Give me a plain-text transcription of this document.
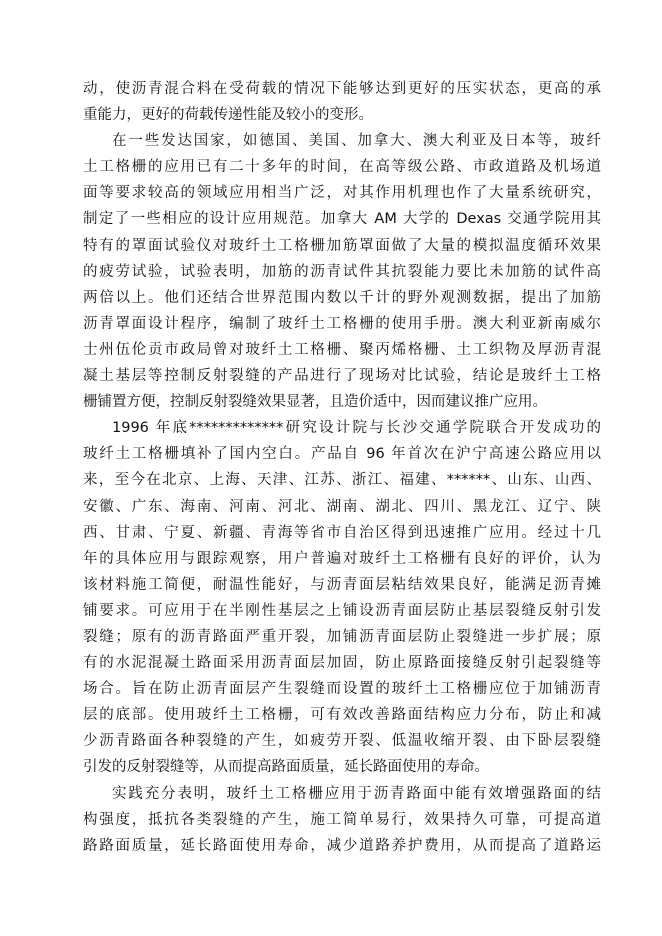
动，使沥青混合料在受荷载的情况下能够达到更好的压实状态，更高的承
重能力，更好的荷载传递性能及较小的变形。
在一些发达国家，如德国、美国、加拿大、澳大利亚及日本等，玻纤
土工格栅的应用已有二十多年的时间，在高等级公路、市政道路及机场道
面等要求较高的领域应用相当广泛，对其作用机理也作了大量系统研究，
制定了一些相应的设计应用规范。加拿大 AM 大学的 Dexas 交通学院用其
特有的罩面试验仪对玻纤土工格栅加筋罩面做了大量的模拟温度循环效果
的疲劳试验，试验表明，加筋的沥青试件其抗裂能力要比未加筋的试件高
两倍以上。他们还结合世界范围内数以千计的野外观测数据，提出了加筋
沥青罩面设计程序，编制了玻纤土工格栅的使用手册。澳大利亚新南威尔
士州伍伦贡市政局曾对玻纤土工格栅、聚丙烯格栅、土工织物及厚沥青混
凝土基层等控制反射裂缝的产品进行了现场对比试验，结论是玻纤土工格
栅铺置方便，控制反射裂缝效果显著，且造价适中，因而建议推广应用。
1996 年底*************研究设计院与长沙交通学院联合开发成功的
玻纤土工格栅填补了国内空白。产品自 96 年首次在沪宁高速公路应用以
来，至今在北京、上海、天津、江苏、浙江、福建、******、山东、山西、
安徽、广东、海南、河南、河北、湖南、湖北、四川、黑龙江、辽宁、陕
西、甘肃、宁夏、新疆、青海等省市自治区得到迅速推广应用。经过十几
年的具体应用与跟踪观察，用户普遍对玻纤土工格栅有良好的评价，认为
该材料施工简便，耐温性能好，与沥青面层粘结效果良好，能满足沥青摊
铺要求。可应用于在半刚性基层之上铺设沥青面层防止基层裂缝反射引发
裂缝；原有的沥青路面严重开裂，加铺沥青面层防止裂缝进一步扩展；原
有的水泥混凝土路面采用沥青面层加固，防止原路面接缝反射引起裂缝等
场合。旨在防止沥青面层产生裂缝而设置的玻纤土工格栅应位于加铺沥青
层的底部。使用玻纤土工格栅，可有效改善路面结构应力分布，防止和减
少沥青路面各种裂缝的产生，如疲劳开裂、低温收缩开裂、由下卧层裂缝
引发的反射裂缝等，从而提高路面质量，延长路面使用的寿命。
实践充分表明，玻纤土工格栅应用于沥青路面中能有效增强路面的结
构强度，抵抗各类裂缝的产生，施工简单易行，效果持久可靠，可提高道
路路面质量，延长路面使用寿命，减少道路养护费用，从而提高了道路运
